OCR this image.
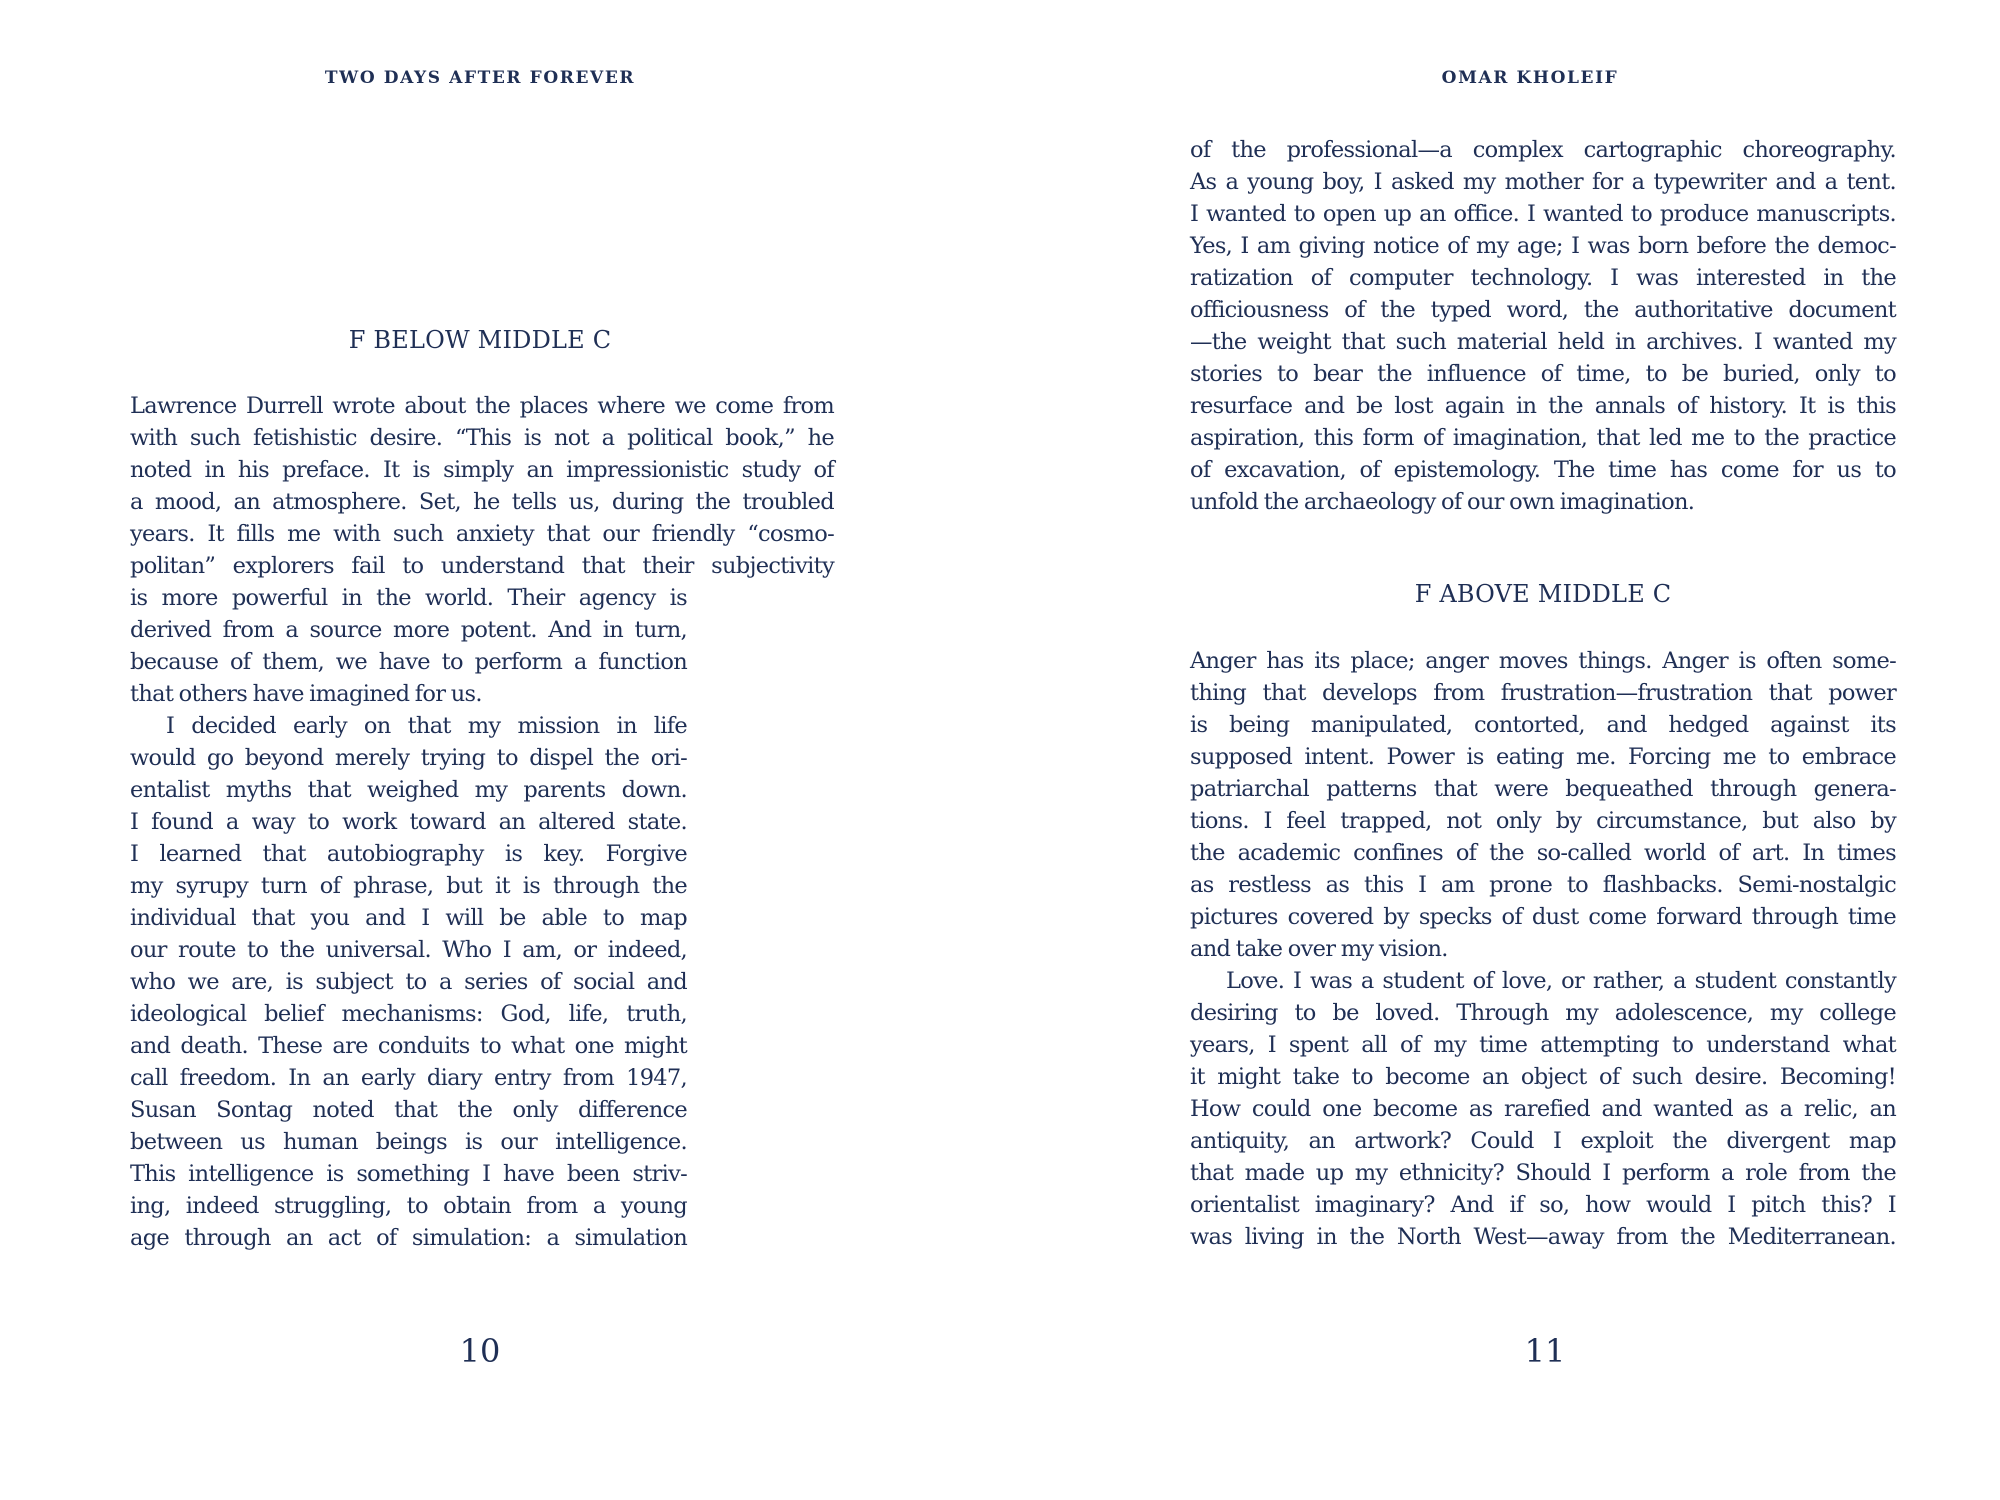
TWO DAYS AFTER FOREVER
F BELOW MIDDLE C
Lawrence Durrell wrote about the places where we come from
with such fetishistic desire. “This is not a political book,” he
noted in his preface. It is simply an impressionistic study of
a mood, an atmosphere. Set, he tells us, during the troubled
years. It fills me with such anxiety that our friendly “cosmo-
politan” explorers fail to understand that their subjectivity
is more powerful in the world. Their agency is
derived from a source more potent. And in turn,
because of them, we have to perform a function
that others have imagined for us.
I decided early on that my mission in life
would go beyond merely trying to dispel the ori-
entalist myths that weighed my parents down.
I found a way to work toward an altered state.
I learned that autobiography is key. Forgive
my syrupy turn of phrase, but it is through the
individual that you and I will be able to map
our route to the universal. Who I am, or indeed,
who we are, is subject to a series of social and
ideological belief mechanisms: God, life, truth,
and death. These are conduits to what one might
call freedom. In an early diary entry from 1947,
Susan Sontag noted that the only difference
between us human beings is our intelligence.
This intelligence is something I have been striv-
ing, indeed struggling, to obtain from a young
age through an act of simulation: a simulation
10
OMAR KHOLEIF
of the professional—a complex cartographic choreography.
As a young boy, I asked my mother for a typewriter and a tent.
I wanted to open up an office. I wanted to produce manuscripts.
Yes, I am giving notice of my age; I was born before the democ-
ratization of computer technology. I was interested in the
officiousness of the typed word, the authoritative document
—the weight that such material held in archives. I wanted my
stories to bear the influence of time, to be buried, only to
resurface and be lost again in the annals of history. It is this
aspiration, this form of imagination, that led me to the practice
of excavation, of epistemology. The time has come for us to
unfold the archaeology of our own imagination.
F ABOVE MIDDLE C
Anger has its place; anger moves things. Anger is often some-
thing that develops from frustration—frustration that power
is being manipulated, contorted, and hedged against its
supposed intent. Power is eating me. Forcing me to embrace
patriarchal patterns that were bequeathed through genera-
tions. I feel trapped, not only by circumstance, but also by
the academic confines of the so-called world of art. In times
as restless as this I am prone to flashbacks. Semi-nostalgic
pictures covered by specks of dust come forward through time
and take over my vision.
Love. I was a student of love, or rather, a student constantly
desiring to be loved. Through my adolescence, my college
years, I spent all of my time attempting to understand what
it might take to become an object of such desire. Becoming!
How could one become as rarefied and wanted as a relic, an
antiquity, an artwork? Could I exploit the divergent map
that made up my ethnicity? Should I perform a role from the
orientalist imaginary? And if so, how would I pitch this? I
was living in the North West—away from the Mediterranean.
11
